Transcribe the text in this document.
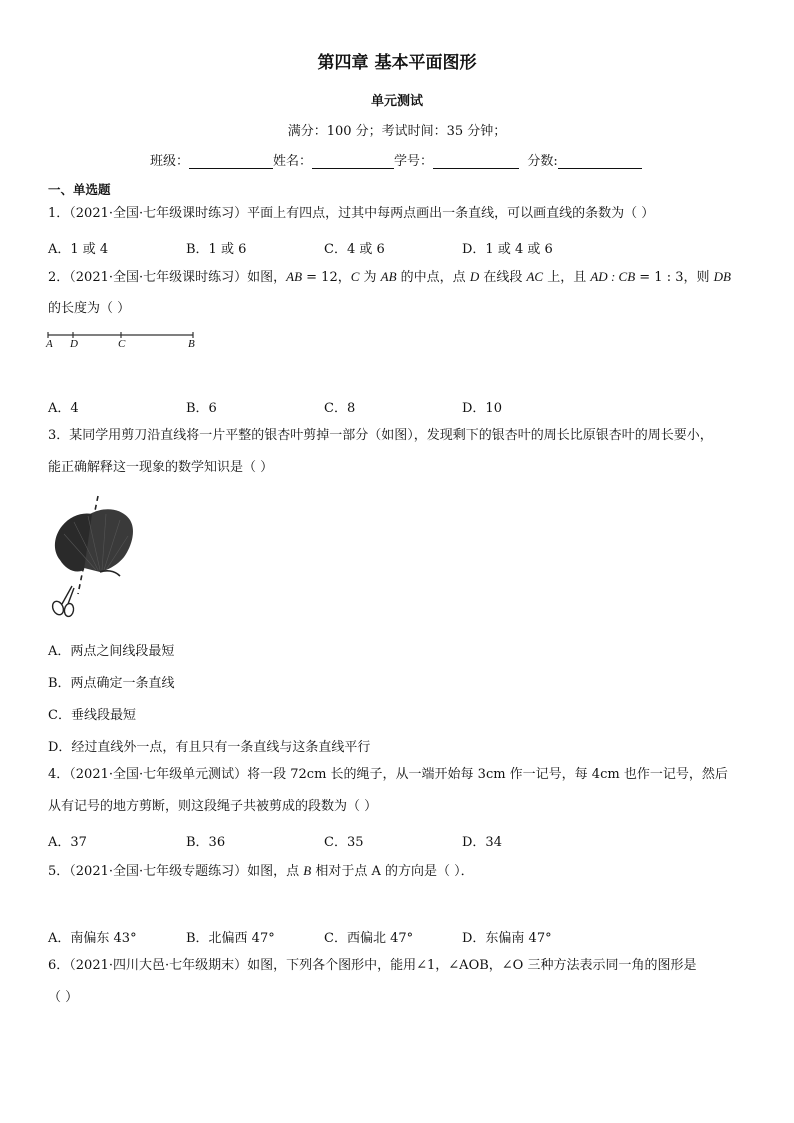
第四章 基本平面图形
单元测试
满分：100 分；考试时间：35 分钟；
班级：	姓名：	学号：	分数:
一、单选题
1．（2021·全国·七年级课时练习）平面上有四点，过其中每两点画出一条直线，可以画直线的条数为（ ）
A．1 或 4	B．1 或 6	C．4 或 6	D．1 或 4 或 6
2．（2021·全国·七年级课时练习）如图，AB = 12，C 为 AB 的中点，点 D 在线段 AC 上，且 AD : CB = 1 : 3，则 DB
的长度为（ ）
A D	C	B
A．4	B．6	C．8	D．10
3．某同学用剪刀沿直线将一片平整的银杏叶剪掉一部分（如图），发现剩下的银杏叶的周长比原银杏叶的周长要小，
能正确解释这一现象的数学知识是（ ）
A．两点之间线段最短
B．两点确定一条直线
C．垂线段最短
D．经过直线外一点，有且只有一条直线与这条直线平行
4．（2021·全国·七年级单元测试）将一段 72cm 长的绳子，从一端开始每 3cm 作一记号，每 4cm 也作一记号，然后
从有记号的地方剪断，则这段绳子共被剪成的段数为（ ）
A．37	B．36	C．35	D．34
5．（2021·全国·七年级专题练习）如图，点 B 相对于点 A 的方向是（ ）．
A．南偏东 43°	B．北偏西 47°	C．西偏北 47°	D．东偏南 47°
6．（2021·四川大邑·七年级期末）如图，下列各个图形中，能用∠1，∠AOB，∠O 三种方法表示同一角的图形是
（ ）
